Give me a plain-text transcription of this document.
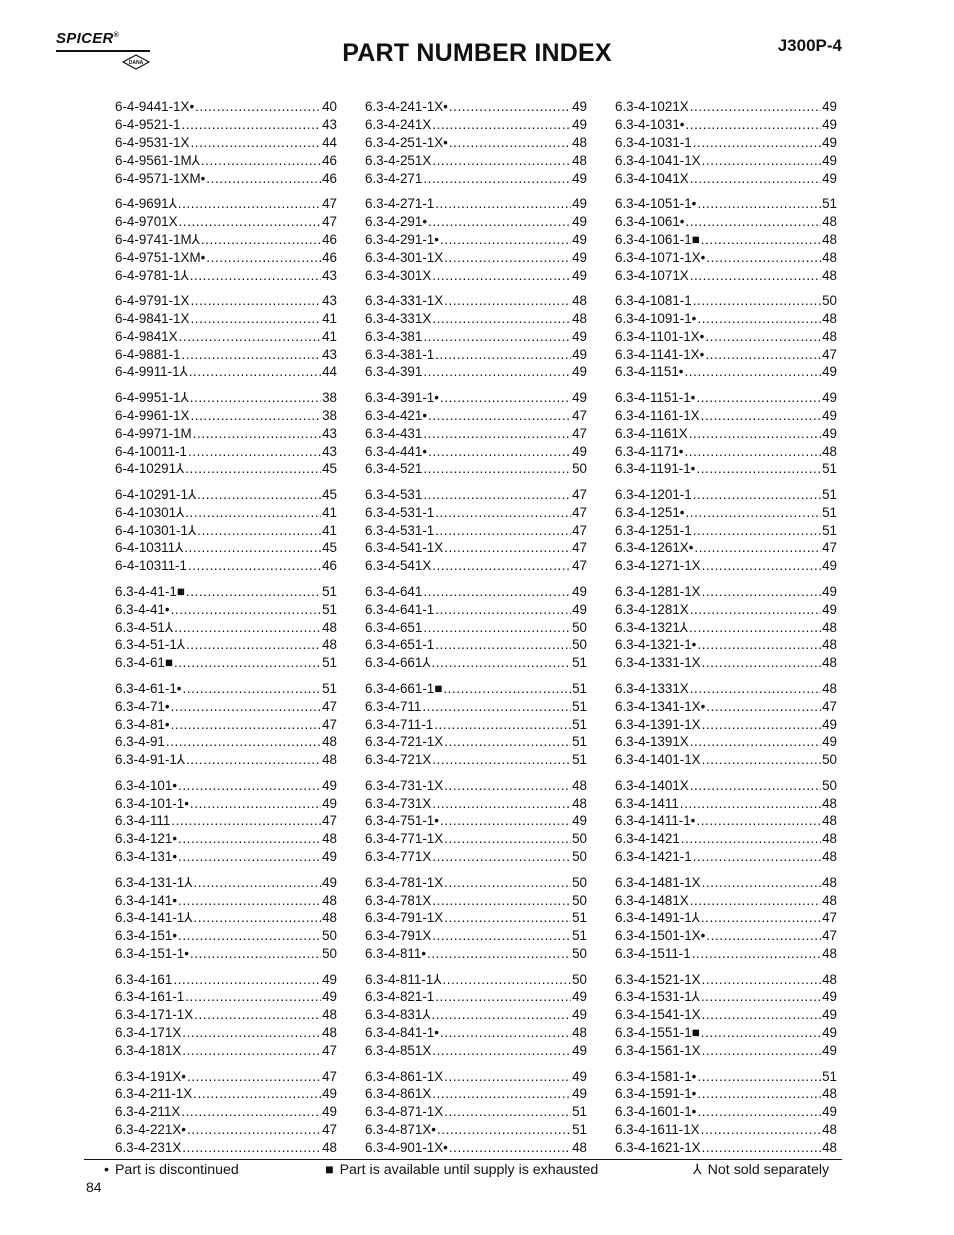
SPICER®
DANA	PART NUMBER INDEX	J300P-4
6-4-9441-1X• .....	40
6-4-9521-1 .....	43
6-4-9531-1X .....	44
6-4-9561-1M⅄ .....	46
6-4-9571-1XM• .....	46
6-4-9691⅄ .....	47
6-4-9701X .....	47
6-4-9741-1M⅄ .....	46
6-4-9751-1XM• .....	46
6-4-9781-1⅄ .....	43
6-4-9791-1X .....	43
6-4-9841-1X .....	41
6-4-9841X .....	41
6-4-9881-1 .....	43
6-4-9911-1⅄ .....	44
6-4-9951-1⅄ .....	38
6-4-9961-1X .....	38
6-4-9971-1M .....	43
6-4-10011-1 .....	43
6-4-10291⅄ .....	45
6-4-10291-1⅄ .....	45
6-4-10301⅄ .....	41
6-4-10301-1⅄ .....	41
6-4-10311⅄ .....	45
6-4-10311-1 .....	46
6.3-4-41-1■ .....	51
6.3-4-41• .....	51
6.3-4-51⅄ .....	48
6.3-4-51-1⅄ .....	48
6.3-4-61■ .....	51
6.3-4-61-1• .....	51
6.3-4-71• .....	47
6.3-4-81• .....	47
6.3-4-91 .....	48
6.3-4-91-1⅄ .....	48
6.3-4-101• .....	49
6.3-4-101-1• .....	49
6.3-4-111 .....	47
6.3-4-121• .....	48
6.3-4-131• .....	49
6.3-4-131-1⅄ .....	49
6.3-4-141• .....	48
6.3-4-141-1⅄ .....	48
6.3-4-151• .....	50
6.3-4-151-1• .....	50
6.3-4-161 .....	49
6.3-4-161-1 .....	49
6.3-4-171-1X .....	48
6.3-4-171X .....	48
6.3-4-181X .....	47
6.3-4-191X• .....	47
6.3-4-211-1X .....	49
6.3-4-211X .....	49
6.3-4-221X• .....	47
6.3-4-231X .....	48
6.3-4-241-1X• .....	49
6.3-4-241X .....	49
6.3-4-251-1X• .....	48
6.3-4-251X .....	48
6.3-4-271 .....	49
6.3-4-271-1 .....	49
6.3-4-291• .....	49
6.3-4-291-1• .....	49
6.3-4-301-1X .....	49
6.3-4-301X .....	49
6.3-4-331-1X .....	48
6.3-4-331X .....	48
6.3-4-381 .....	49
6.3-4-381-1 .....	49
6.3-4-391 .....	49
6.3-4-391-1• .....	49
6.3-4-421• .....	47
6.3-4-431 .....	47
6.3-4-441• .....	49
6.3-4-521 .....	50
6.3-4-531 .....	47
6.3-4-531-1 .....	47
6.3-4-531-1 .....	47
6.3-4-541-1X .....	47
6.3-4-541X .....	47
6.3-4-641 .....	49
6.3-4-641-1 .....	49
6.3-4-651 .....	50
6.3-4-651-1 .....	50
6.3-4-661⅄ .....	51
6.3-4-661-1■ .....	51
6.3-4-711 .....	51
6.3-4-711-1 .....	51
6.3-4-721-1X .....	51
6.3-4-721X .....	51
6.3-4-731-1X .....	48
6.3-4-731X .....	48
6.3-4-751-1• .....	49
6.3-4-771-1X .....	50
6.3-4-771X .....	50
6.3-4-781-1X .....	50
6.3-4-781X .....	50
6.3-4-791-1X .....	51
6.3-4-791X .....	51
6.3-4-811• .....	50
6.3-4-811-1⅄ .....	50
6.3-4-821-1 .....	49
6.3-4-831⅄ .....	49
6.3-4-841-1• .....	48
6.3-4-851X .....	49
6.3-4-861-1X .....	49
6.3-4-861X .....	49
6.3-4-871-1X .....	51
6.3-4-871X• .....	51
6.3-4-901-1X• .....	48
6.3-4-1021X .....	49
6.3-4-1031• .....	49
6.3-4-1031-1 .....	49
6.3-4-1041-1X .....	49
6.3-4-1041X .....	49
6.3-4-1051-1• .....	51
6.3-4-1061• .....	48
6.3-4-1061-1■ .....	48
6.3-4-1071-1X• .....	48
6.3-4-1071X .....	48
6.3-4-1081-1 .....	50
6.3-4-1091-1• .....	48
6.3-4-1101-1X• .....	48
6.3-4-1141-1X• .....	47
6.3-4-1151• .....	49
6.3-4-1151-1• .....	49
6.3-4-1161-1X .....	49
6.3-4-1161X .....	49
6.3-4-1171• .....	48
6.3-4-1191-1• .....	51
6.3-4-1201-1 .....	51
6.3-4-1251• .....	51
6.3-4-1251-1 .....	51
6.3-4-1261X• .....	47
6.3-4-1271-1X .....	49
6.3-4-1281-1X .....	49
6.3-4-1281X .....	49
6.3-4-1321⅄ .....	48
6.3-4-1321-1• .....	48
6.3-4-1331-1X .....	48
6.3-4-1331X .....	48
6.3-4-1341-1X• .....	47
6.3-4-1391-1X .....	49
6.3-4-1391X .....	49
6.3-4-1401-1X .....	50
6.3-4-1401X .....	50
6.3-4-1411 .....	48
6.3-4-1411-1• .....	48
6.3-4-1421 .....	48
6.3-4-1421-1 .....	48
6.3-4-1481-1X .....	48
6.3-4-1481X .....	48
6.3-4-1491-1⅄ .....	47
6.3-4-1501-1X• .....	47
6.3-4-1511-1 .....	48
6.3-4-1521-1X .....	48
6.3-4-1531-1⅄ .....	49
6.3-4-1541-1X .....	49
6.3-4-1551-1■ .....	49
6.3-4-1561-1X .....	49
6.3-4-1581-1• .....	51
6.3-4-1591-1• .....	48
6.3-4-1601-1• .....	49
6.3-4-1611-1X .....	48
6.3-4-1621-1X .....	48
• Part is discontinued	■ Part is available until supply is exhausted	⅄ Not sold separately
84
